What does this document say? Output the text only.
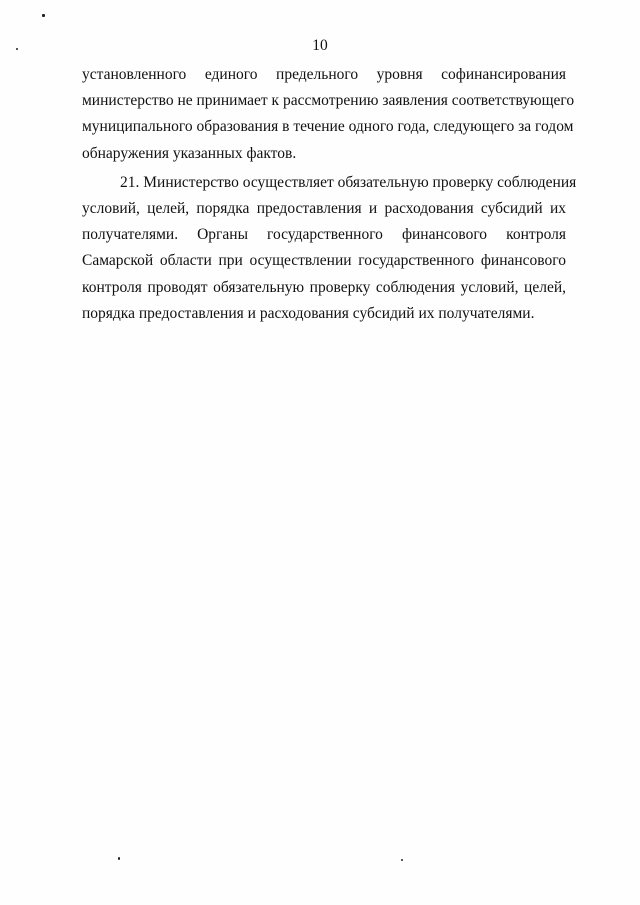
10

установленного единого предельного уровня софинансирования
министерство не принимает к рассмотрению заявления соответствующего
муниципального образования в течение одного года, следующего за годом
обнаружения указанных фактов.
21. Министерство осуществляет обязательную проверку соблюдения
условий, целей, порядка предоставления и расходования субсидий их
получателями. Органы государственного финансового контроля
Самарской области при осуществлении государственного финансового
контроля проводят обязательную проверку соблюдения условий, целей,
порядка предоставления и расходования субсидий их получателями.
